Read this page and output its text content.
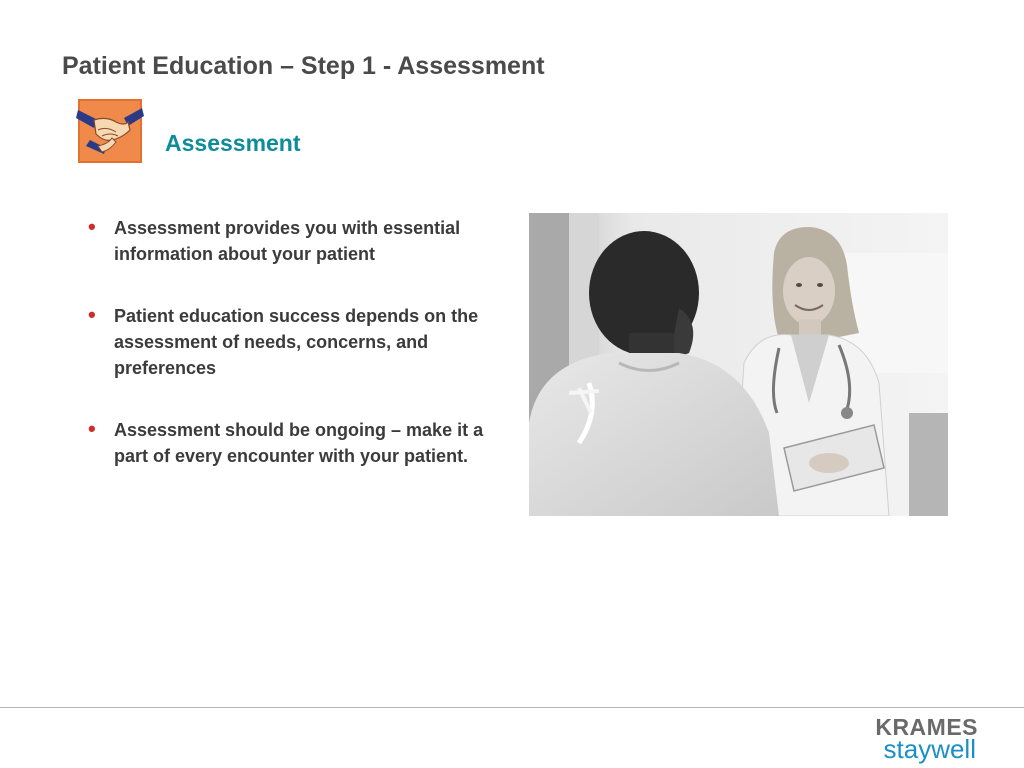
Patient Education – Step 1 - Assessment
Assessment
• Assessment provides you with essential information about your patient
• Patient education success depends on the assessment of needs, concerns, and preferences
• Assessment should be ongoing – make it a part of every encounter with your patient.
KRAMES
staywell
